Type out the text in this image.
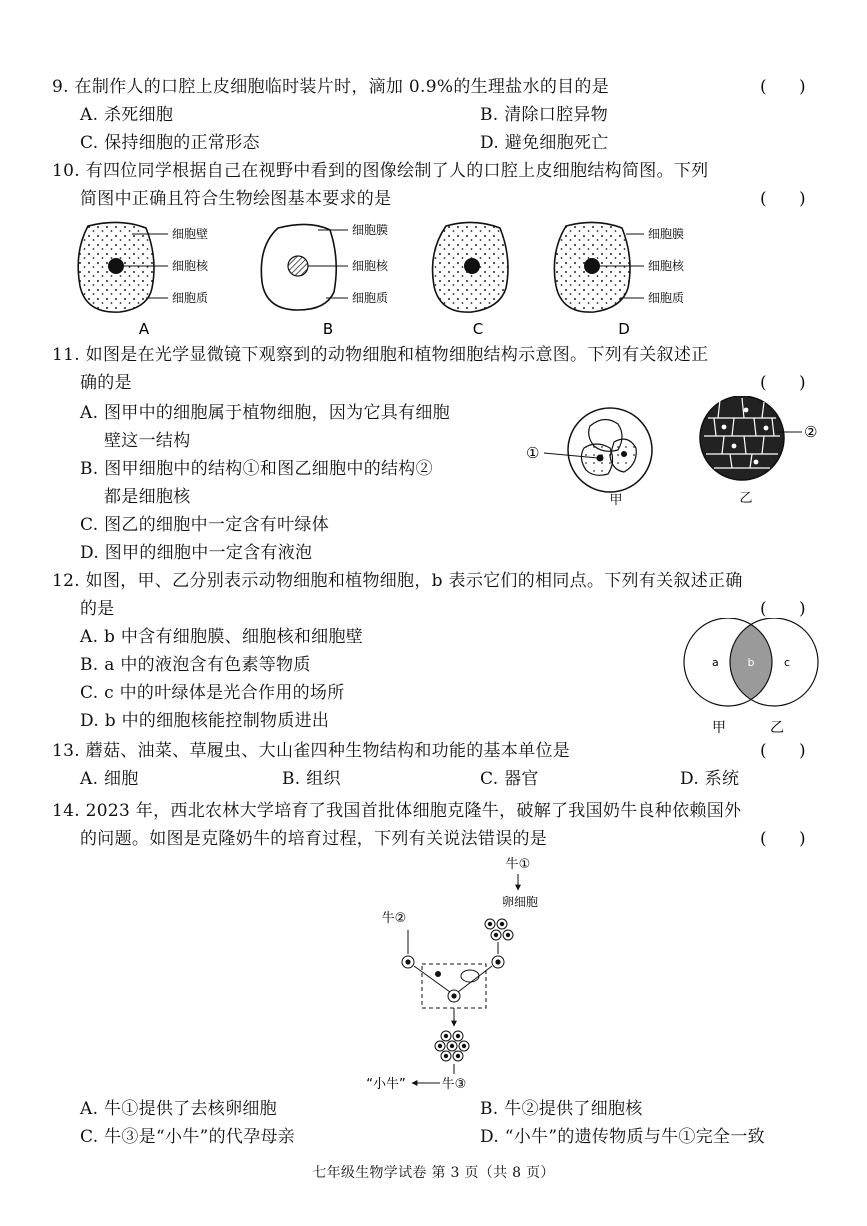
9. 在制作人的口腔上皮细胞临时装片时，滴加 0.9%的生理盐水的目的是	(      )
A. 杀死细胞	B. 清除口腔异物
C. 保持细胞的正常形态	D. 避免细胞死亡
10. 有四位同学根据自己在视野中看到的图像绘制了人的口腔上皮细胞结构简图。下列
简图中正确且符合生物绘图基本要求的是	(      )
细胞壁
细胞核
细胞质
A
细胞膜
细胞核
细胞质
B	C
细胞膜
细胞核
细胞质
D
11. 如图是在光学显微镜下观察到的动物细胞和植物细胞结构示意图。下列有关叙述正
确的是	(      )
A. 图甲中的细胞属于植物细胞，因为它具有细胞
壁这一结构
B. 图甲细胞中的结构①和图乙细胞中的结构②
都是细胞核
C. 图乙的细胞中一定含有叶绿体
D. 图甲的细胞中一定含有液泡
①
甲
②
乙
12. 如图，甲、乙分别表示动物细胞和植物细胞，b 表示它们的相同点。下列有关叙述正确
的是	(      )
A. b 中含有细胞膜、细胞核和细胞壁
B. a 中的液泡含有色素等物质
C. c 中的叶绿体是光合作用的场所
D. b 中的细胞核能控制物质进出
a	b	c
甲	乙
13. 蘑菇、油菜、草履虫、大山雀四种生物结构和功能的基本单位是	(      )
A. 细胞	B. 组织	C. 器官	D. 系统
14. 2023 年，西北农林大学培育了我国首批体细胞克隆牛，破解了我国奶牛良种依赖国外
的问题。如图是克隆奶牛的培育过程，下列有关说法错误的是	(      )
牛①
卵细胞
牛②
牛③
“小牛”
A. 牛①提供了去核卵细胞	B. 牛②提供了细胞核
C. 牛③是“小牛”的代孕母亲	D. “小牛”的遗传物质与牛①完全一致
七年级生物学试卷 第 3 页（共 8 页）
